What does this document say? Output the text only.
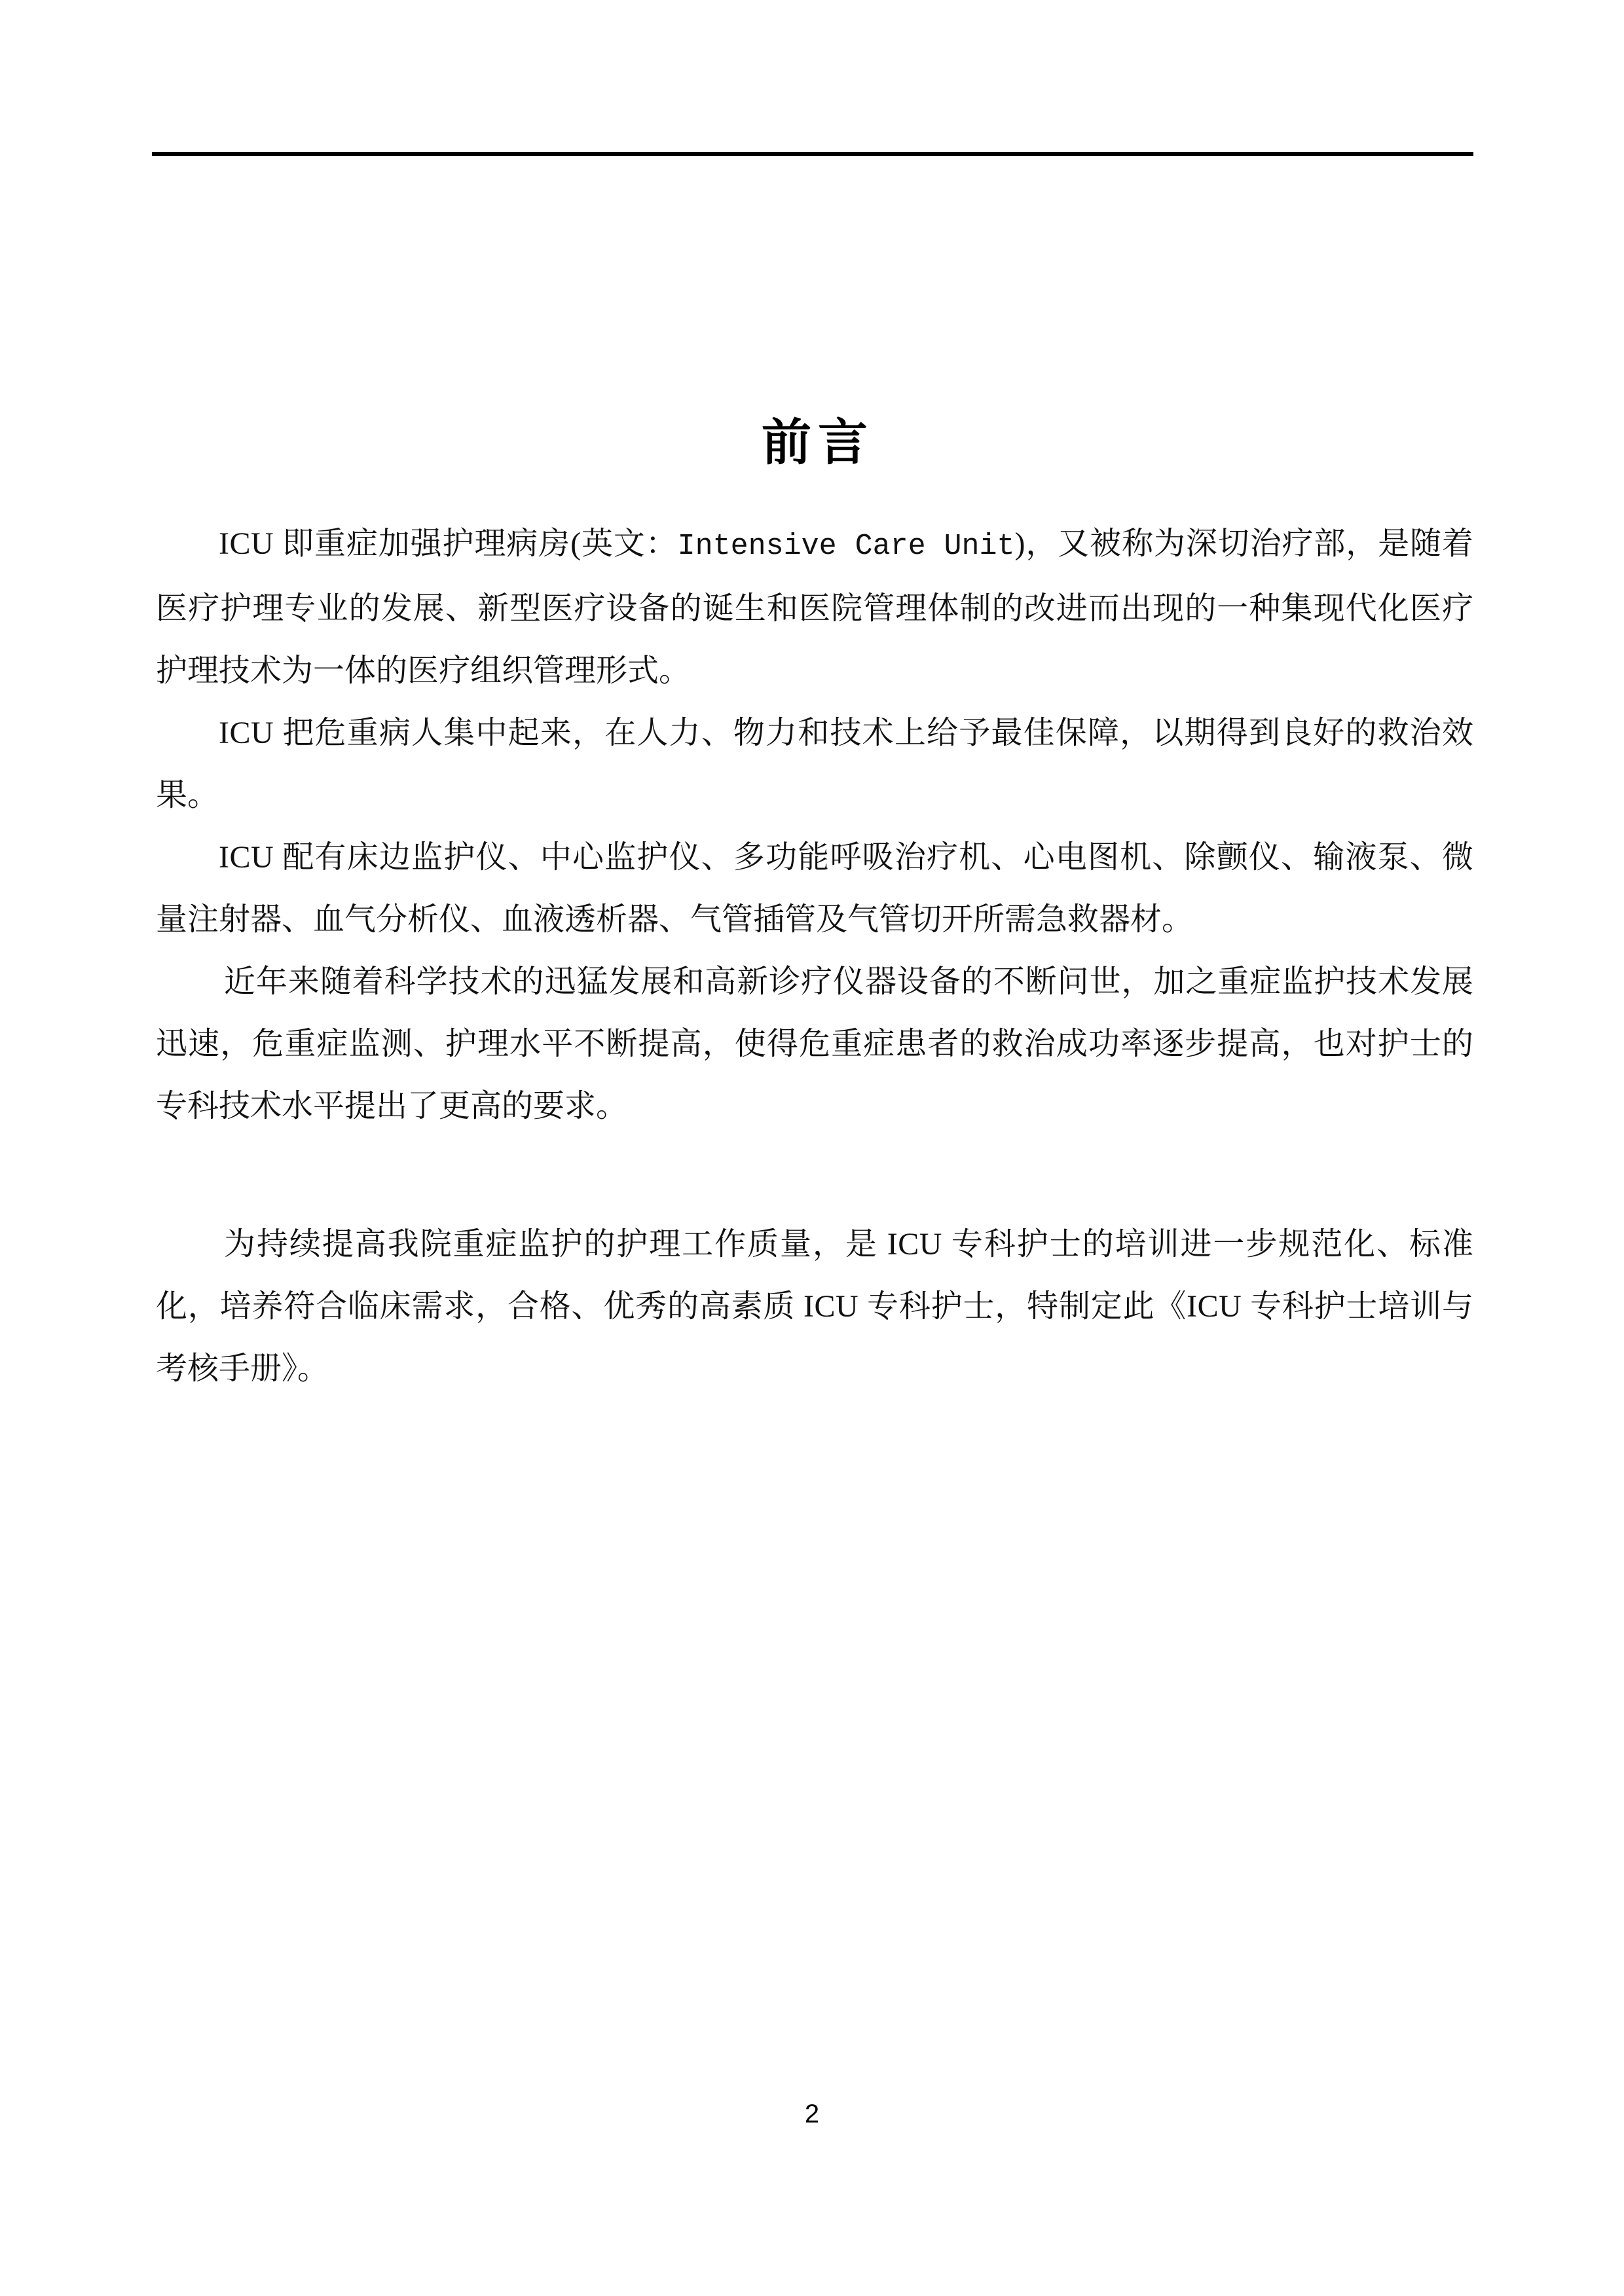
前言

ICU 即重症加强护理病房(英文：Intensive Care Unit)，又被称为深切治疗部，是随着医疗护理专业的发展、新型医疗设备的诞生和医院管理体制的改进而出现的一种集现代化医疗护理技术为一体的医疗组织管理形式。

ICU 把危重病人集中起来，在人力、物力和技术上给予最佳保障，以期得到良好的救治效果。

ICU 配有床边监护仪、中心监护仪、多功能呼吸治疗机、心电图机、除颤仪、输液泵、微量注射器、血气分析仪、血液透析器、气管插管及气管切开所需急救器材。

近年来随着科学技术的迅猛发展和高新诊疗仪器设备的不断问世，加之重症监护技术发展迅速，危重症监测、护理水平不断提高，使得危重症患者的救治成功率逐步提高，也对护士的专科技术水平提出了更高的要求。

为持续提高我院重症监护的护理工作质量，是 ICU 专科护士的培训进一步规范化、标准化，培养符合临床需求，合格、优秀的高素质 ICU 专科护士，特制定此《ICU 专科护士培训与考核手册》。

2
